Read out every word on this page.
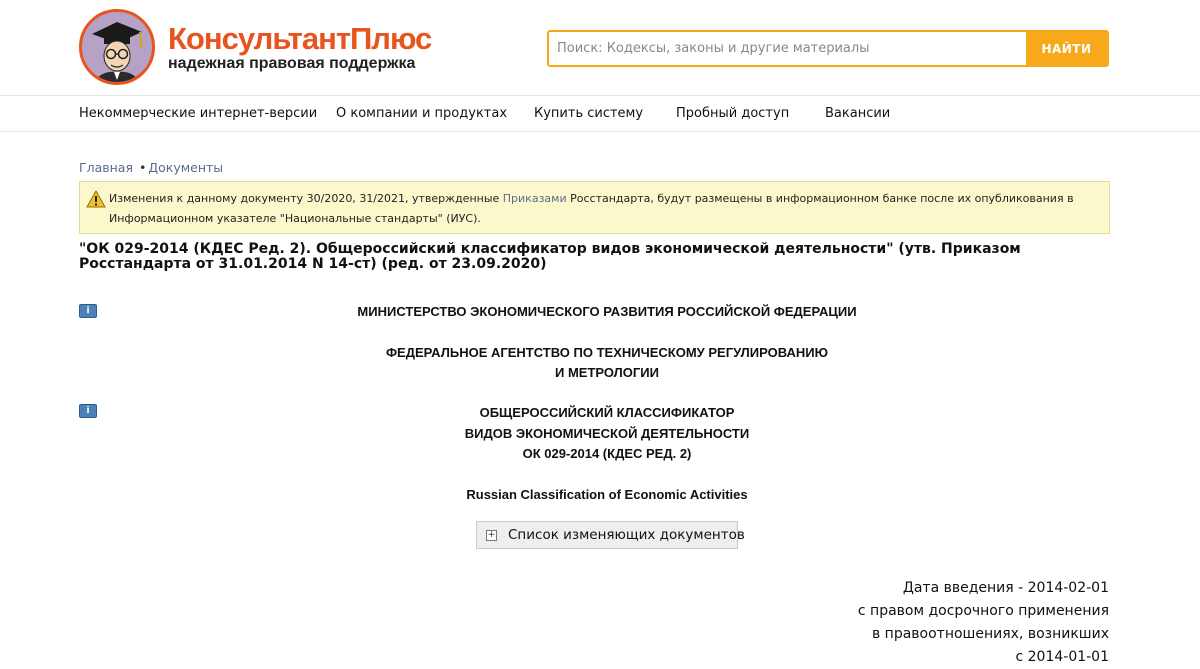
КонсультантПлюс
надежная правовая поддержка
Поиск: Кодексы, законы и другие материалы
НАЙТИ
Некоммерческие интернет-версии О компании и продуктах Купить систему	Пробный доступ	Вакансии
Главная • Документы
Изменения к данному документу 30/2020, 31/2021, утвержденные Приказами Росстандарта, будут размещены в информационном банке после их опубликования в Информационном указателе "Национальные стандарты" (ИУС).
"ОК 029-2014 (КДЕС Ред. 2). Общероссийский классификатор видов экономической деятельности" (утв. Приказом Росстандарта от 31.01.2014 N 14-ст) (ред. от 23.09.2020)
i
i
МИНИСТЕРСТВО ЭКОНОМИЧЕСКОГО РАЗВИТИЯ РОССИЙСКОЙ ФЕДЕРАЦИИ
ФЕДЕРАЛЬНОЕ АГЕНТСТВО ПО ТЕХНИЧЕСКОМУ РЕГУЛИРОВАНИЮ
И МЕТРОЛОГИИ
ОБЩЕРОССИЙСКИЙ КЛАССИФИКАТОР
ВИДОВ ЭКОНОМИЧЕСКОЙ ДЕЯТЕЛЬНОСТИ
ОК 029-2014 (КДЕС РЕД. 2)
Russian Classification of Economic Activities
+ Список изменяющих документов
Дата введения - 2014-02-01
с правом досрочного применения
в правоотношениях, возникших
с 2014-01-01
